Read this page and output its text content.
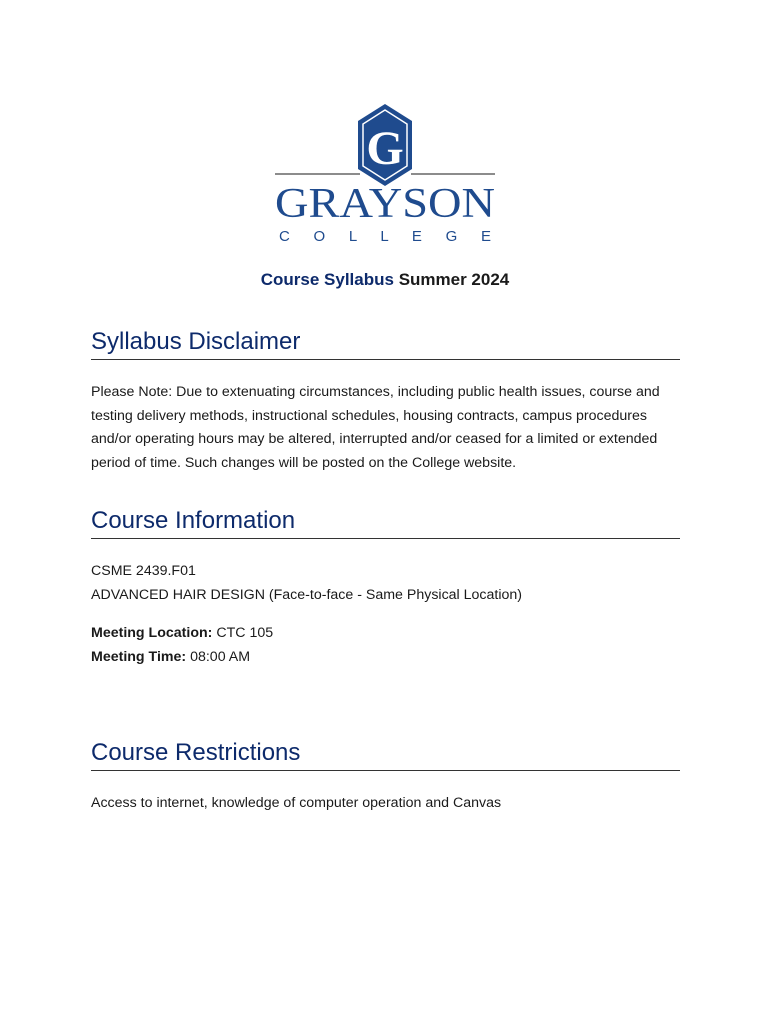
G
GRAYSON
C O L L E G E
Course Syllabus Summer 2024
Syllabus Disclaimer

Please Note: Due to extenuating circumstances, including public health issues, course and testing delivery methods, instructional schedules, housing contracts, campus procedures and/or operating hours may be altered, interrupted and/or ceased for a limited or extended period of time. Such changes will be posted on the College website.

Course Information

CSME 2439.F01

ADVANCED HAIR DESIGN (Face-to-face - Same Physical Location)

Meeting Location: CTC 105

Meeting Time: 08:00 AM

Course Restrictions

Access to internet, knowledge of computer operation and Canvas
